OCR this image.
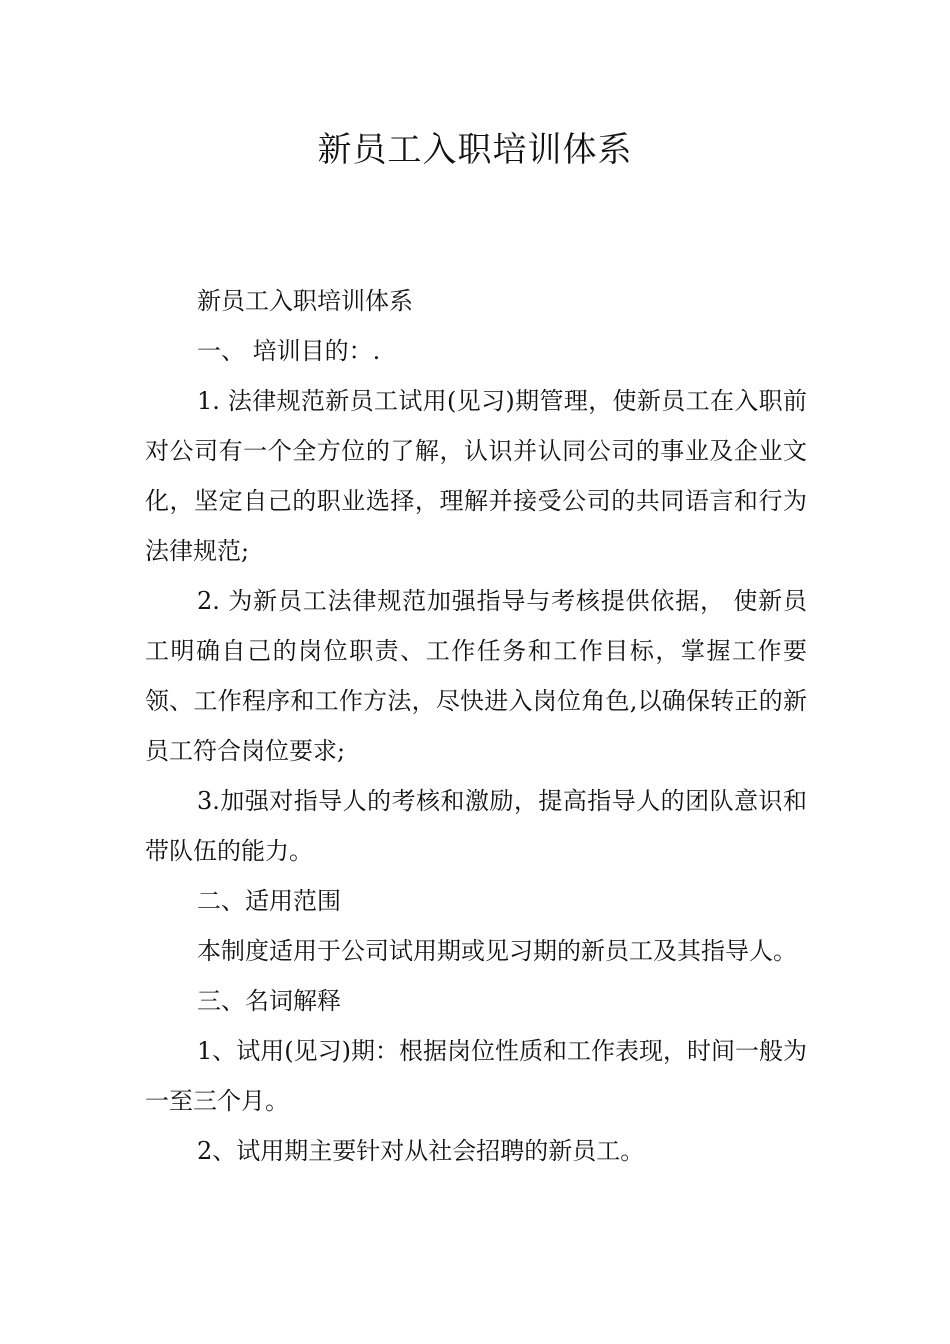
新员工入职培训体系

新员工入职培训体系

一、 培训目的：.

1. 法律规范新员工试用(见习)期管理，使新员工在入职前对公司有一个全方位的了解，认识并认同公司的事业及企业文化，坚定自己的职业选择，理解并接受公司的共同语言和行为法律规范;

2. 为新员工法律规范加强指导与考核提供依据， 使新员工明确自己的岗位职责、工作任务和工作目标，掌握工作要领、工作程序和工作方法，尽快进入岗位角色,以确保转正的新员工符合岗位要求;

3.加强对指导人的考核和激励，提高指导人的团队意识和带队伍的能力。

二、适用范围

本制度适用于公司试用期或见习期的新员工及其指导人。

三、名词解释

1、试用(见习)期：根据岗位性质和工作表现，时间一般为一至三个月。

2、试用期主要针对从社会招聘的新员工。
